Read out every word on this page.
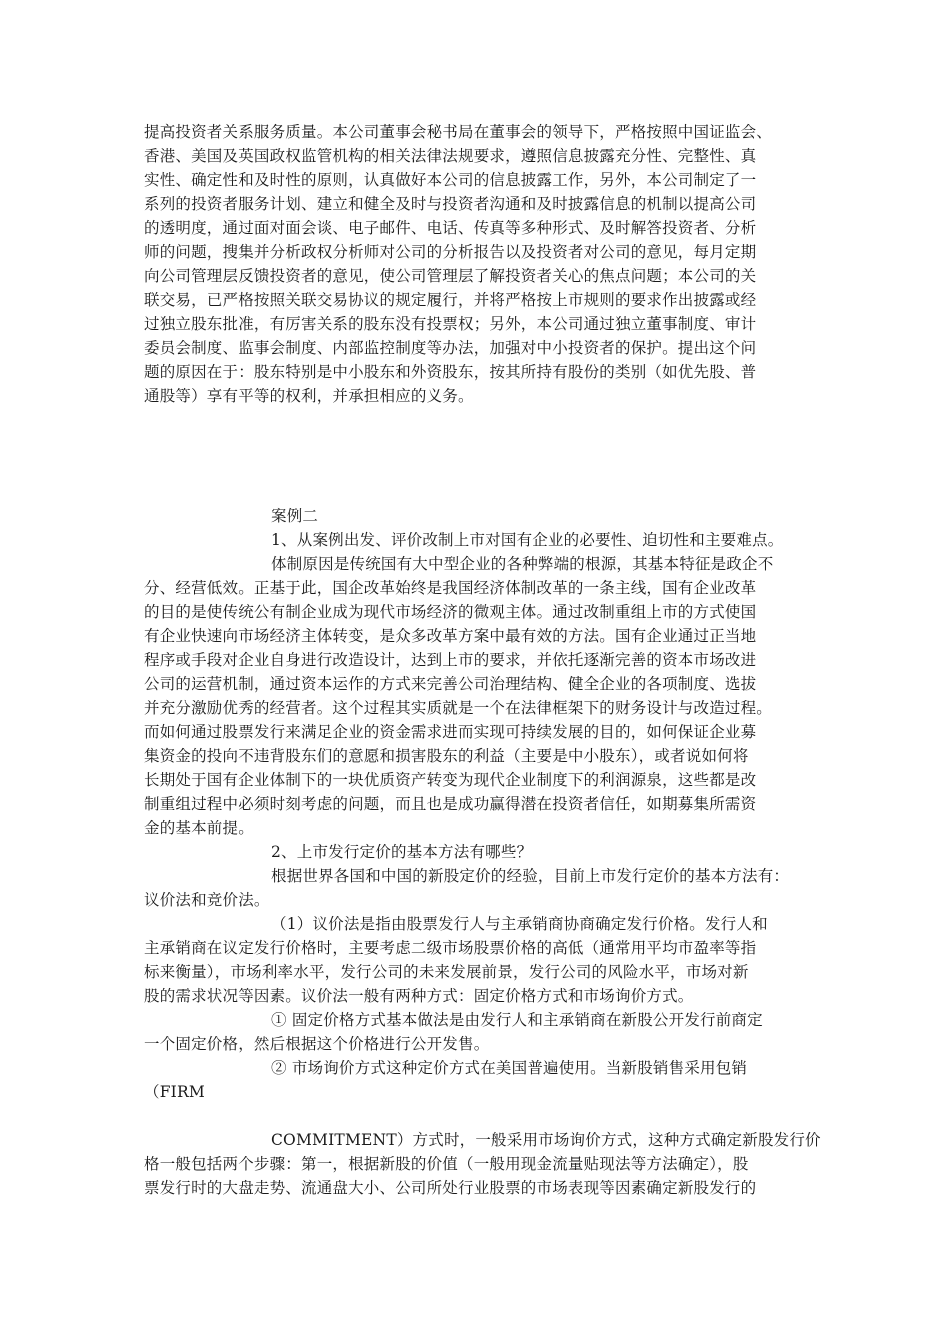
提高投资者关系服务质量。本公司董事会秘书局在董事会的领导下，严格按照中国证监会、
香港、美国及英国政权监管机构的相关法律法规要求，遵照信息披露充分性、完整性、真
实性、确定性和及时性的原则，认真做好本公司的信息披露工作，另外，本公司制定了一
系列的投资者服务计划、建立和健全及时与投资者沟通和及时披露信息的机制以提高公司
的透明度，通过面对面会谈、电子邮件、电话、传真等多种形式、及时解答投资者、分析
师的问题，搜集并分析政权分析师对公司的分析报告以及投资者对公司的意见，每月定期
向公司管理层反馈投资者的意见，使公司管理层了解投资者关心的焦点问题；本公司的关
联交易，已严格按照关联交易协议的规定履行，并将严格按上市规则的要求作出披露或经
过独立股东批准，有厉害关系的股东没有投票权；另外，本公司通过独立董事制度、审计
委员会制度、监事会制度、内部监控制度等办法，加强对中小投资者的保护。提出这个问
题的原因在于：股东特别是中小股东和外资股东，按其所持有股份的类别（如优先股、普
通股等）享有平等的权利，并承担相应的义务。
案例二
1、从案例出发、评价改制上市对国有企业的必要性、迫切性和主要难点。
体制原因是传统国有大中型企业的各种弊端的根源，其基本特征是政企不
分、经营低效。正基于此，国企改革始终是我国经济体制改革的一条主线，国有企业改革
的目的是使传统公有制企业成为现代市场经济的微观主体。通过改制重组上市的方式使国
有企业快速向市场经济主体转变，是众多改革方案中最有效的方法。国有企业通过正当地
程序或手段对企业自身进行改造设计，达到上市的要求，并依托逐渐完善的资本市场改进
公司的运营机制，通过资本运作的方式来完善公司治理结构、健全企业的各项制度、选拔
并充分激励优秀的经营者。这个过程其实质就是一个在法律框架下的财务设计与改造过程。
而如何通过股票发行来满足企业的资金需求进而实现可持续发展的目的，如何保证企业募
集资金的投向不违背股东们的意愿和损害股东的利益（主要是中小股东），或者说如何将
长期处于国有企业体制下的一块优质资产转变为现代企业制度下的利润源泉，这些都是改
制重组过程中必须时刻考虑的问题，而且也是成功赢得潜在投资者信任，如期募集所需资
金的基本前提。
2、上市发行定价的基本方法有哪些？
根据世界各国和中国的新股定价的经验，目前上市发行定价的基本方法有：
议价法和竞价法。
（1）议价法是指由股票发行人与主承销商协商确定发行价格。发行人和
主承销商在议定发行价格时，主要考虑二级市场股票价格的高低（通常用平均市盈率等指
标来衡量），市场利率水平，发行公司的未来发展前景，发行公司的风险水平，市场对新
股的需求状况等因素。议价法一般有两种方式：固定价格方式和市场询价方式。
① 固定价格方式基本做法是由发行人和主承销商在新股公开发行前商定
一个固定价格，然后根据这个价格进行公开发售。
② 市场询价方式这种定价方式在美国普遍使用。当新股销售采用包销
（FIRM
COMMITMENT）方式时，一般采用市场询价方式，这种方式确定新股发行价
格一般包括两个步骤：第一，根据新股的价值（一般用现金流量贴现法等方法确定），股
票发行时的大盘走势、流通盘大小、公司所处行业股票的市场表现等因素确定新股发行的
